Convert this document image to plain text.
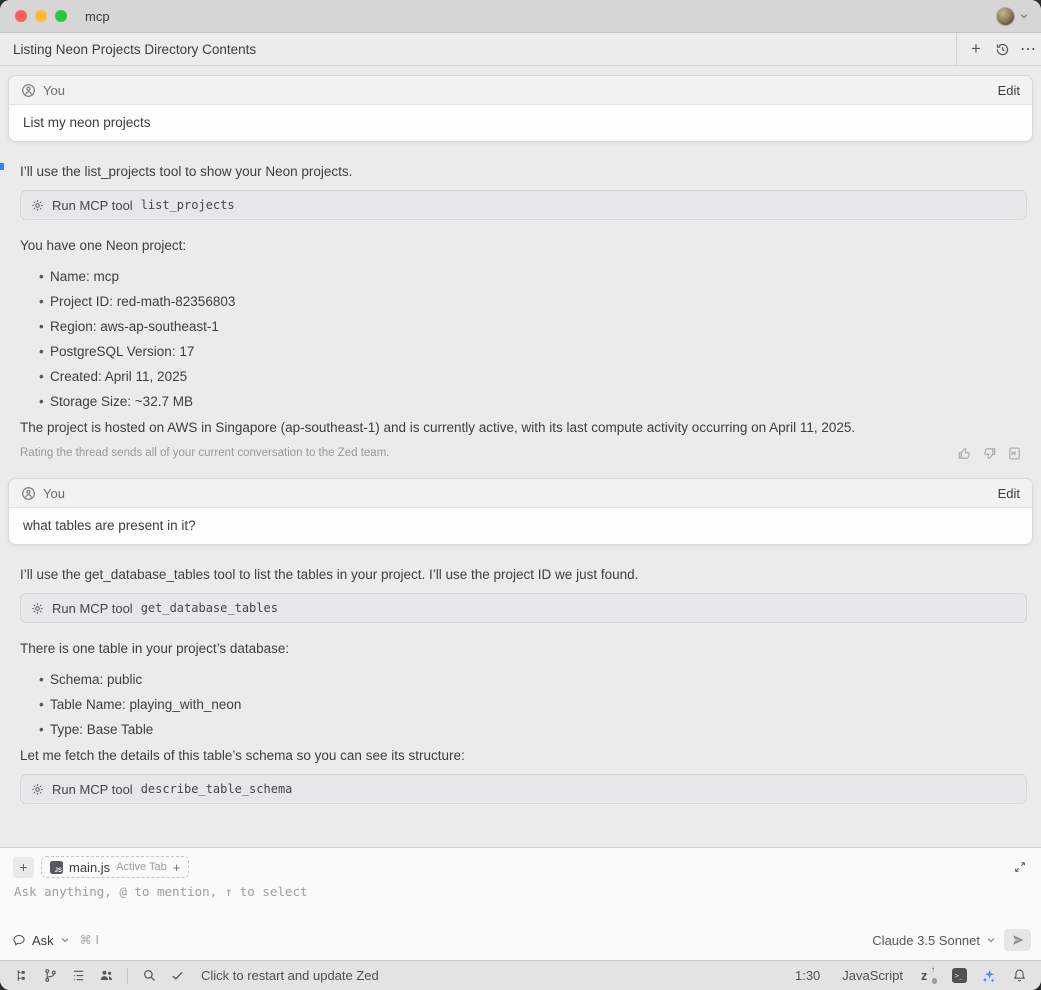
mcp
Listing Neon Projects Directory Contents	+	⋯
You	Edit
List my neon projects

I’ll use the list_projects tool to show your Neon projects.

Run MCP tool list_projects

You have one Neon project:

• Name: mcp
• Project ID: red-math-82356803
• Region: aws-ap-southeast-1
• PostgreSQL Version: 17
• Created: April 11, 2025
• Storage Size: ~32.7 MB

The project is hosted on AWS in Singapore (ap-southeast-1) and is currently active, with its last compute activity occurring on April 11, 2025.

Rating the thread sends all of your current conversation to the Zed team.
You	Edit
what tables are present in it?

I’ll use the get_database_tables tool to list the tables in your project. I’ll use the project ID we just found.

Run MCP tool get_database_tables

There is one table in your project’s database:

• Schema: public
• Table Name: playing_with_neon
• Type: Base Table

Let me fetch the details of this table’s schema so you can see its structure:

Run MCP tool describe_table_schema
+ JS	main.js Active Tab +
Ask anything, @ to mention, ↑ to select
Ask ⌘ I	Claude 3.5 Sonnet
Click to restart and update Zed	1:30 JavaScript z ↑
>_
